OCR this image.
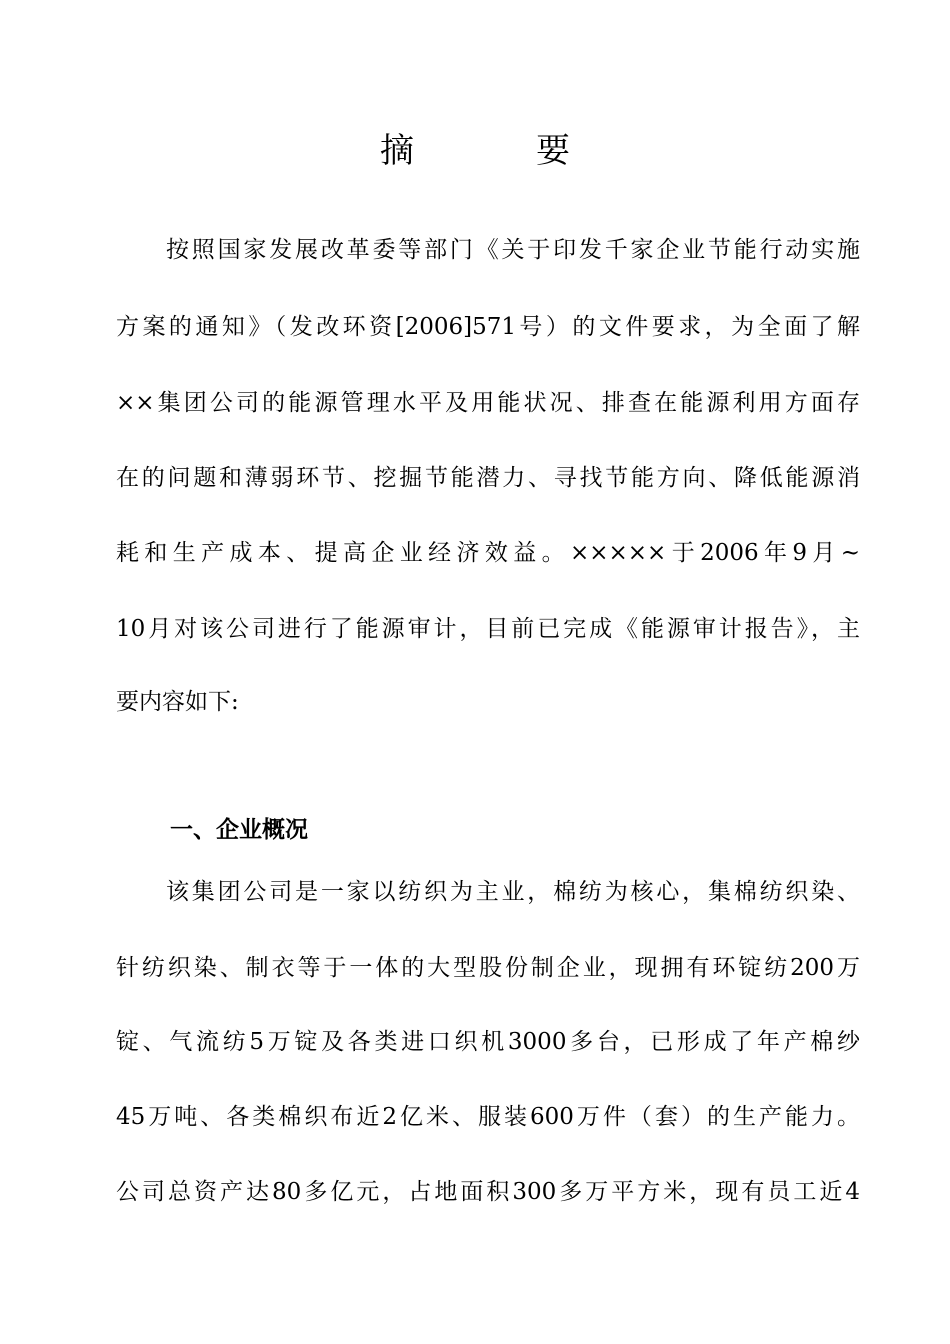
摘　要
按照国家发展改革委等部门《关于印发千家企业节能行动实施
方案的通知》（发改环资[2006]571号）的文件要求，为全面了解
××集团公司的能源管理水平及用能状况、排查在能源利用方面存
在的问题和薄弱环节、挖掘节能潜力、寻找节能方向、降低能源消
耗和生产成本、提高企业经济效益。×××××于2006年9月~
10月对该公司进行了能源审计，目前已完成《能源审计报告》，主
要内容如下:
一、企业概况
该集团公司是一家以纺织为主业，棉纺为核心，集棉纺织染、
针纺织染、制衣等于一体的大型股份制企业，现拥有环锭纺200万
锭、气流纺5万锭及各类进口织机3000多台，已形成了年产棉纱
45万吨、各类棉织布近2亿米、服装600万件（套）的生产能力。
公司总资产达80多亿元，占地面积300多万平方米，现有员工近4
